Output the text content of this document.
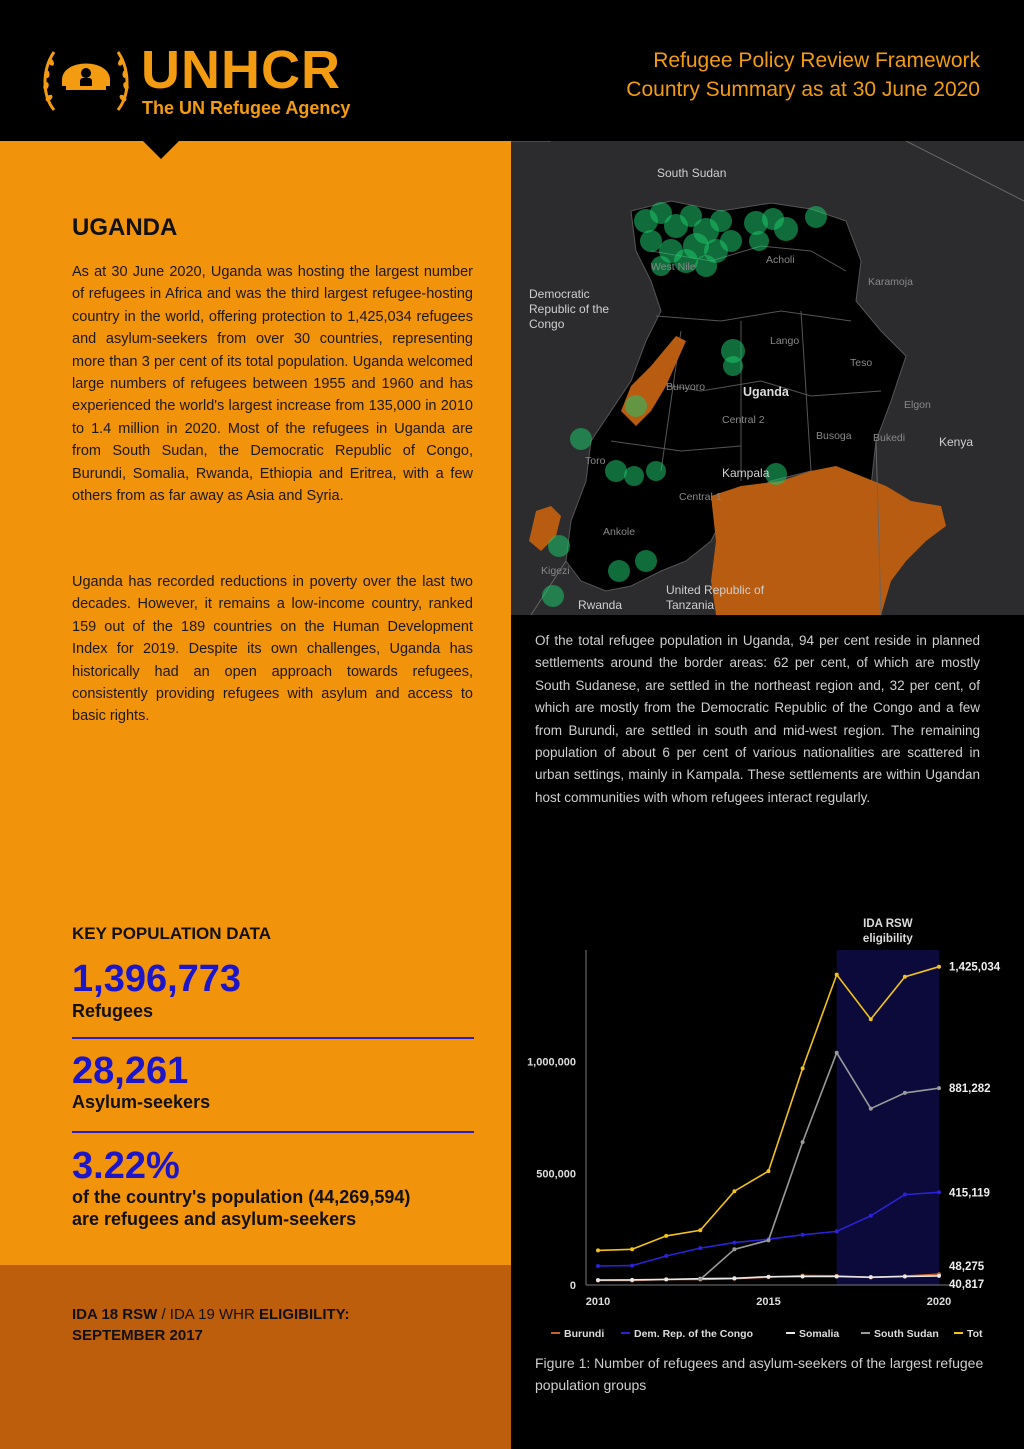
UNHCR
The UN Refugee Agency
Refugee Policy Review Framework
Country Summary as at 30 June 2020
UGANDA

As at 30 June 2020, Uganda was hosting the largest number of refugees in Africa and was the third largest refugee-hosting country in the world, offering protection to 1,425,034 refugees and asylum-seekers from over 30 countries, representing more than 3 per cent of its total population. Uganda welcomed large numbers of refugees between 1955 and 1960 and has experienced the world's largest increase from 135,000 in 2010 to 1.4 million in 2020. Most of the refugees in Uganda are from South Sudan, the Democratic Republic of Congo, Burundi, Somalia, Rwanda, Ethiopia and Eritrea, with a few others from as far away as Asia and Syria.

Uganda has recorded reductions in poverty over the last two decades. However, it remains a low-income country, ranked 159 out of the 189 countries on the Human Development Index for 2019. Despite its own challenges, Uganda has historically had an open approach towards refugees, consistently providing refugees with asylum and access to basic rights.

KEY POPULATION DATA
1,396,773
Refugees
28,261
Asylum-seekers
3.22%
of the country's population (44,269,594)
are refugees and asylum-seekers
IDA 18 RSW / IDA 19 WHR ELIGIBILITY:
SEPTEMBER 2017
South Sudan
Democratic Republic of the Congo
Kenya
United Republic of Tanzania
Rwanda
Uganda
Kampala
West Nile
Acholi
Karamoja
Lango
Teso
Bunyoro
Elgon
Central 2
Busoga Bukedi
Toro
Central 1
Ankole
Kigezi

Of the total refugee population in Uganda, 94 per cent reside in planned settlements around the border areas: 62 per cent, of which are mostly South Sudanese, are settled in the northeast region and, 32 per cent, of which are mostly from the Democratic Republic of the Congo and a few from Burundi, are settled in south and mid-west region. The remaining population of about 6 per cent of various nationalities are scattered in urban settings, mainly in Kampala. These settlements are within Ugandan host communities with whom refugees interact regularly.

IDA RSW
eligibility
0
500,000
1,000,000
2010	2015	2020
1,425,034
881,282
415,119
48,275
40,817
Burundi	Dem. Rep. of the Congo	Somalia	South Sudan	Tot

Figure 1: Number of refugees and asylum-seekers of the largest refugee population groups
